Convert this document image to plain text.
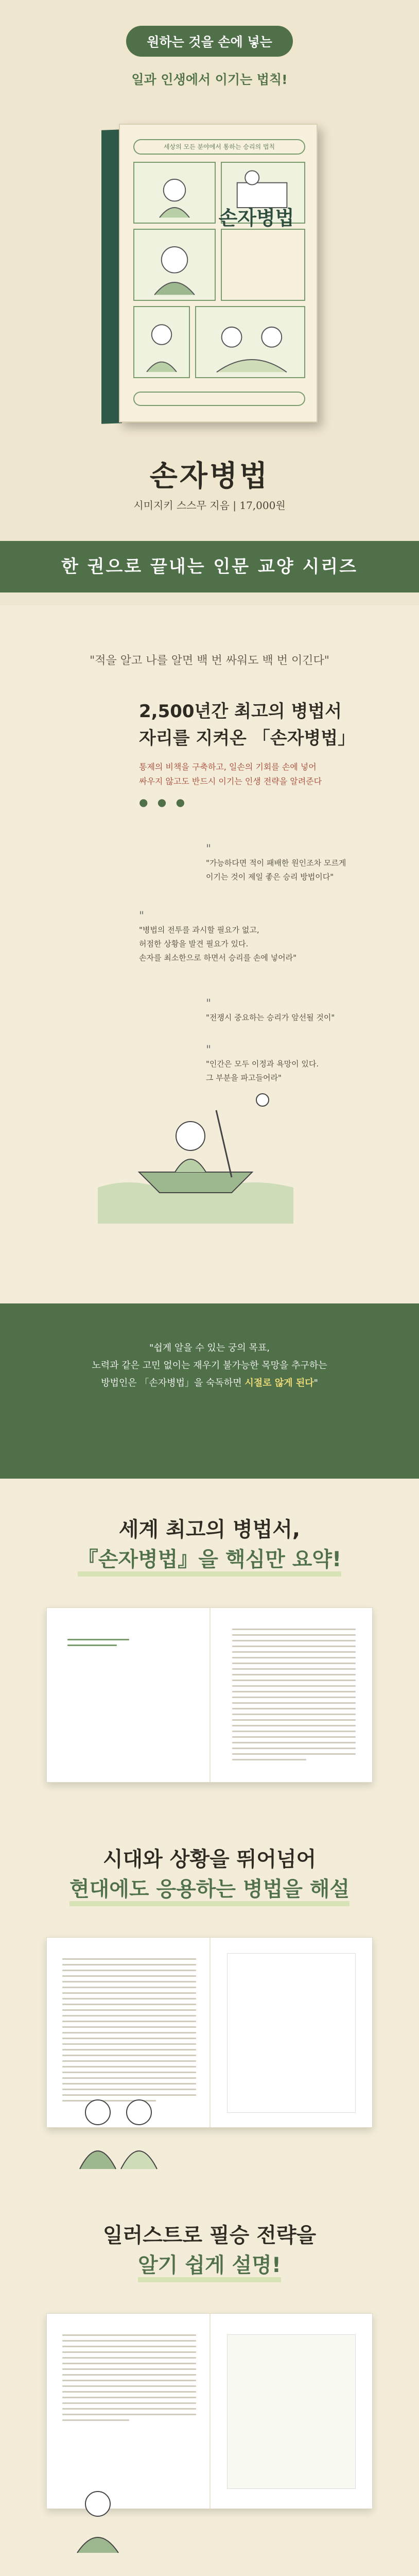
원하는 것을 손에 넣는
일과 인생에서 이기는 법칙!
세상의 모든 분야에서 통하는 승리의 법칙
손자병법
손자병법
시미지키 스스무 지음 | 17,000원
한 권으로 끝내는 인문 교양 시리즈
"적을 알고 나를 알면 백 번 싸워도 백 번 이긴다"
2,500년간 최고의 병법서
자리를 지켜온 「손자병법」
통제의 비책을 구축하고, 일손의 기회를 손에 넣어
싸우지 않고도 반드시 이기는 인생 전략을 알려준다
● ● ●
"
"가능하다면 적이 패배한 원인조차 모르게
이기는 것이 제일 좋은 승리 방법이다"
"
"병법의 전투를 과시할 필요가 없고,
허점한 상황을 발견 필요가 있다.
손자를 최소한으로 하면서 승리를 손에 넣어라"
"
"전쟁시 중요하는 승리가 앞선될 것이"
"
"인간은 모두 이정과 욕망이 있다.
그 부분을 파고들어라"
"쉽게 알을 수 있는 궁의 목표,
노력과 같은 고민 없이는 재우기 불가능한 목망을 추구하는
방법인은 「손자병법」을 숙독하면 시절로 않게 된다"
세계 최고의 병법서,
『손자병법』을 핵심만 요약!
시대와 상황을 뛰어넘어
현대에도 응용하는 병법을 해설
일러스트로 필승 전략을
알기 쉽게 설명!
